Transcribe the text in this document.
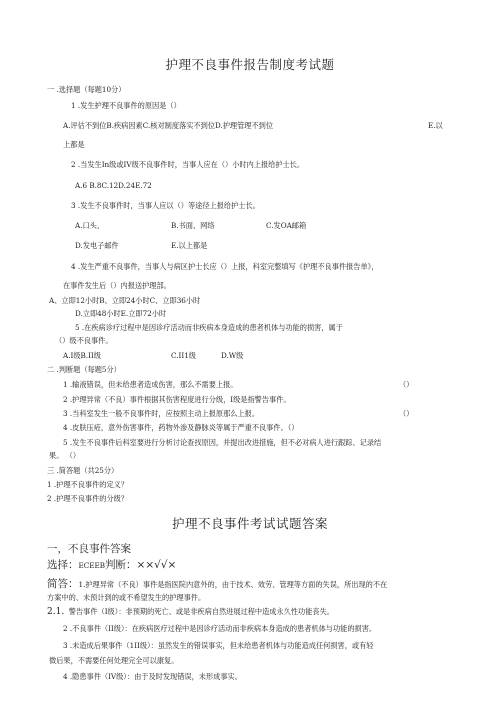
护理不良事件报告制度考试题
一 .选择题（每题10分）
1 .发生护理不良事件的原因是（）
A.评估不到位B.疾病因素C.核对制度落实不到位D.护理管理不到位	E.以
上都是
2 .当发生In级或IV级不良事件时，当事人应在（）小时内上报给护士长。
A.6 B.8C.12D.24E.72
3 .发生不良事件时，当事人应以（）等途径上报给护士长。
A.口头、	B.书面、网络	C.发OA邮箱
D.发电子邮件	E.以上都是
4 .发生严重不良事件，当事人与病区护士长应（）上报，科室完整填写《护理不良事件报告单》，
在事件发生后（）内报送护理部。
A、立即12小时B、立即24小时C、立即36小时
D.立即48小时E.立即72小时
5 .在疾病诊疗过程中是因诊疗活动而非疾病本身造成的患者机体与功能的损害，属于
（）级不良事件。
A.I级B.II级	C.II1级	D.W级
二 .判断题（每题5分）
1 .输液错误，但未给患者造成伤害，那么不需要上报。	（）
2 .护理异常（不良）事件根据其伤害程度进行分级，I级是指警告事件。
3 .当科室发生一般不良事件时，应按照主动上报原那么上报。	（）
4 .皮肤压疮，意外伤害事件，药物外渗及静脉炎等属于严重不良事件。（）
5 .发生不良事件后科室要进行分析讨论查找原因，并提出改进措施，但不必对病人进行跟踪、记录结
果。 （）
三 .简答题（共25分）
1 .护理不良事件的定义？
2 .护理不良事件的分级？
护理不良事件考试试题答案
一，不良事件答案
选择：ECEEB判断：××√√×
简答：1.护理异常（不良）事件是指医院内意外的，由于技术、效劳、管理等方面的失误，所出现的不在
方案中的、未预计到的或不希望发生的护理事件。
2.1. 警告事件（I级）：非预期的死亡、或是非疾病自然进展过程中造成永久性功能丧失。
2 .不良事件（II级）：在疾病医疗过程中是因诊疗活动而非疾病本身造成的患者机体与功能的损害。
3 .未造成后果事件（1II级）：虽然发生的错误事实，但未给患者机体与功能造成任何损害，或有轻
微后果，不需要任何处理完全可以康复。
4 .隐患事件（IV级）：由于及时发现错误，未形成事实。
